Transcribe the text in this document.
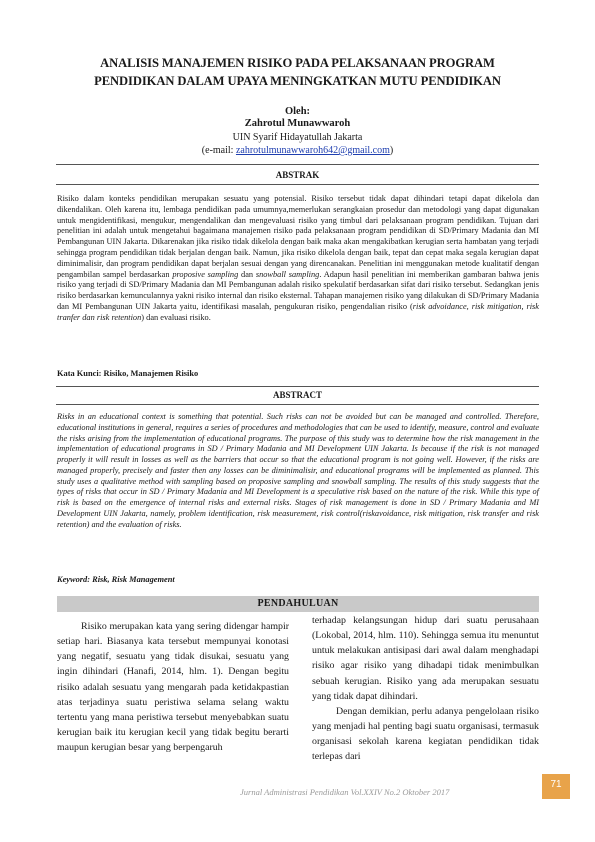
ANALISIS MANAJEMEN RISIKO PADA PELAKSANAAN PROGRAM
PENDIDIKAN DALAM UPAYA MENINGKATKAN MUTU PENDIDIKAN
Oleh:
Zahrotul Munawwaroh
UIN Syarif Hidayatullah Jakarta
(e-mail: zahrotulmunawwaroh642@gmail.com)
ABSTRAK
Risiko dalam konteks pendidikan merupakan sesuatu yang potensial. Risiko tersebut tidak dapat dihindari tetapi dapat dikelola dan dikendalikan. Oleh karena itu, lembaga pendidikan pada umumnya,memerlukan serangkaian prosedur dan metodologi yang dapat digunakan untuk mengidentifikasi, mengukur, mengendalikan dan mengevaluasi risiko yang timbul dari pelaksanaan program pendidikan. Tujuan dari penelitian ini adalah untuk mengetahui bagaimana manajemen risiko pada pelaksanaan program pendidikan di SD/Primary Madania dan MI Pembangunan UIN Jakarta. Dikarenakan jika risiko tidak dikelola dengan baik maka akan mengakibatkan kerugian serta hambatan yang terjadi sehingga program pendidikan tidak berjalan dengan baik. Namun, jika risiko dikelola dengan baik, tepat dan cepat maka segala kerugian dapat diminimalisir, dan program pendidikan dapat berjalan sesuai dengan yang direncanakan. Penelitian ini menggunakan metode kualitatif dengan pengambilan sampel berdasarkan proposive sampling dan snowball sampling. Adapun hasil penelitian ini memberikan gambaran bahwa jenis risiko yang terjadi di SD/Primary Madania dan MI Pembangunan adalah risiko spekulatif berdasarkan sifat dari risiko tersebut. Sedangkan jenis risiko berdasarkan kemunculannya yakni risiko internal dan risiko eksternal. Tahapan manajemen risiko yang dilakukan di SD/Primary Madania dan MI Pembangunan UIN Jakarta yaitu, identifikasi masalah, pengukuran risiko, pengendalian risiko (risk advoidance, risk mitigation, risk tranfer dan risk retention) dan evaluasi risiko.
Kata Kunci: Risiko, Manajemen Risiko
ABSTRACT
Risks in an educational context is something that potential. Such risks can not be avoided but can be managed and controlled. Therefore, educational institutions in general, requires a series of procedures and methodologies that can be used to identify, measure, control and evaluate the risks arising from the implementation of educational programs. The purpose of this study was to determine how the risk management in the implementation of educational programs in SD / Primary Madania and MI Development UIN Jakarta. Is because if the risk is not managed properly it will result in losses as well as the barriers that occur so that the educational program is not going well. However, if the risks are managed properly, precisely and faster then any losses can be diminimalisir, and educational programs will be implemented as planned. This study uses a qualitative method with sampling based on proposive sampling and snowball sampling. The results of this study suggests that the types of risks that occur in SD / Primary Madania and MI Development is a speculative risk based on the nature of the risk. While this type of risk is based on the emergence of internal risks and external risks. Stages of risk management is done in SD / Primary Madania and MI Development UIN Jakarta, namely, problem identification, risk measurement, risk control(riskavoidance, risk mitigation, risk transfer and risk retention) and the evaluation of risks.
Keyword: Risk, Risk Management
PENDAHULUAN

Risiko merupakan kata yang sering didengar hampir setiap hari. Biasanya kata tersebut mempunyai konotasi yang negatif, sesuatu yang tidak disukai, sesuatu yang ingin dihindari (Hanafi, 2014, hlm. 1). Dengan begitu risiko adalah sesuatu yang mengarah pada ketidakpastian atas terjadinya suatu peristiwa selama selang waktu tertentu yang mana peristiwa tersebut menyebabkan suatu kerugian baik itu kerugian kecil yang tidak begitu berarti maupun kerugian besar yang berpengaruh

terhadap kelangsungan hidup dari suatu perusahaan (Lokobal, 2014, hlm. 110). Sehingga semua itu menuntut untuk melakukan antisipasi dari awal dalam menghadapi risiko agar risiko yang dihadapi tidak menimbulkan sebuah kerugian. Risiko yang ada merupakan sesuatu yang tidak dapat dihindari.

Dengan demikian, perlu adanya pengelolaan risiko yang menjadi hal penting bagi suatu organisasi, termasuk organisasi sekolah karena kegiatan pendidikan tidak terlepas dari

Jurnal Administrasi Pendidikan Vol.XXIV No.2 Oktober 2017
71
